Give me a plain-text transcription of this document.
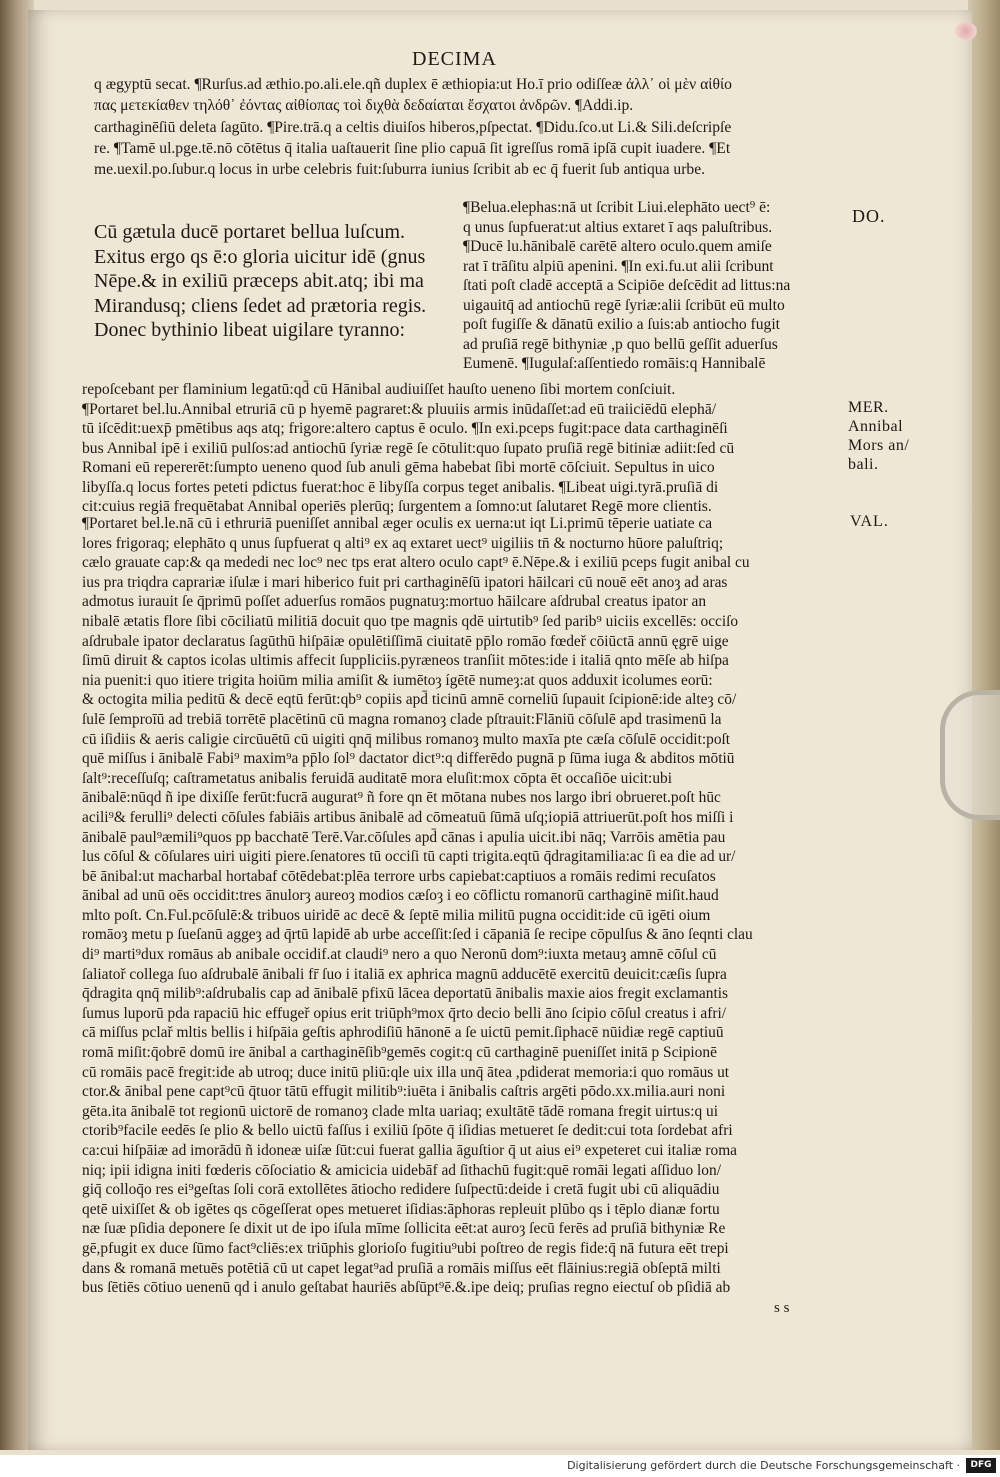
DECIMA
q ægyptū secat. ¶Rurſus.ad æthio.po.ali.ele.qñ duplex ē æthiopia:ut Ho.ī prio odiſſeæ ἀλλ᾽ οἱ μὲν αἰθίο
πας μετεκίαθεν τηλόθ᾽ ἐόντας αἰθίοπας τοὶ διχθὰ δεδαίαται ἔσχατοι ἀνδρῶν. ¶Addi.ip.
carthaginēſiū deleta ſagūto. ¶Pire.trā.q a celtis diuiſos hiberos,pſpectat. ¶Didu.ſco.ut Li.& Sili.deſcripſe
re. ¶Tamē ul.pge.tē.nō cōtētus q̄ italia uaſtauerit ſine plio capuā ſit igreſſus romā ipſā cupit iuadere. ¶Et
me.uexil.po.ſubur.q locus in urbe celebris fuit:ſuburra iunius ſcribit ab ec q̄ fuerit ſub antiqua urbe.
Cū gætula ducē portaret bellua luſcum.
Exitus ergo qs ē:o gloria uicitur idē (gnus
Nēpe.& in exiliū præceps abit.atq; ibi ma
Mirandusq; cliens ſedet ad prætoria regis.
Donec bythinio libeat uigilare tyranno:
¶Belua.elephas:nā ut ſcribit Liui.elephāto uect⁹ ē:
q unus ſupfuerat:ut altius extaret ī aqs paluſtribus.
¶Ducē lu.hānibalē carētē altero oculo.quem amiſe
rat ī trāſitu alpiū apenini. ¶In exi.fu.ut alii ſcribunt
ſtati poſt cladē acceptā a Scipiōe deſcēdit ad littus:na
uigauitq̄ ad antiochū regē ſyriæ:alii ſcribūt eū multo
poſt fugiſſe & dānatū exilio a ſuis:ab antiocho fugit
ad pruſiā regē bithyniæ ,p quo bellū geſſit aduerſus
Eumenē. ¶Iugulaſ:aſſentiedo romāis:q Hannibalē
repoſcebant per flaminium legatū:qd̄ cū Hānibal audiuiſſet hauſto ueneno ſibi mortem conſciuit.
¶Portaret bel.lu.Annibal etruriā cū p hyemē pagraret:& pluuiis armis inūdaſſet:ad eū traiiciēdū elephā/
tū iſcēdit:uexp̄ pmētibus aqs atq; frigore:altero captus ē oculo. ¶In exi.pceps fugit:pace data carthaginēſi
bus Annibal ipē i exiliū pulſos:ad antiochū ſyriæ regē ſe cōtulit:quo ſupato pruſiā regē bitiniæ adiit:ſed cū
Romani eū repererēt:ſumpto ueneno quod ſub anuli gēma habebat ſibi mortē cōſciuit. Sepultus in uico
libyſſa.q locus fortes peteti pdictus fuerat:hoc ē libyſſa corpus teget anibalis. ¶Libeat uigi.tyrā.pruſiā di
cit:cuius regiā frequētabat Annibal operiēs plerūq; ſurgentem a ſomno:ut ſalutaret Regē more clientis.
¶Portaret bel.le.nā cū i ethruriā pueniſſet annibal æger oculis ex uerna:ut iqt Li.primū tēperie uatiate ca
lores frigoraq; elephāto q unus ſupfuerat q alti⁹ ex aq extaret uect⁹ uigiliis tn̄ & nocturno hūore paluſtriq;
cælo grauate cap:& qa mededi nec loc⁹ nec tps erat altero oculo capt⁹ ē.Nēpe.& i exiliū pceps fugit anibal cu
ius pra triqdra caprariæ iſulæ i mari hiberico fuit pri carthaginēſū ipatori hāilcari cū nouē eēt anoȝ ad aras
admotus iurauit ſe q̄primū poſſet aduerſus romāos pugnatuȝ:mortuo hāilcare aſdrubal creatus ipator an
nibalē ætatis flore ſibi cōciliatū militiā docuit quo tpe magnis qdē uirtutib⁹ ſed parib⁹ uiciis excellēs: occiſo
aſdrubale ipator declaratus ſagūthū hiſpāiæ opulētiſſimā ciuitatē pp̄lo romāo fœdeř cōiūctā annū ęgrē uige
ſimū diruit & captos icolas ultimis affecit ſuppliciis.pyræneos tranſiit mōtes:ide i italiā qnto mēſe ab hiſpa
nia puenit:i quo itiere trigita hoiūm milia amiſit & iumētoȝ ígētē numeȝ:at quos adduxit icolumes eorū:
& octogita milia peditū & decē eqtū ferūt:qb⁹ copiis apd̄ ticinū amnē corneliū ſupauit ſcipionē:ide alteȝ cō/
ſulē ſemproīū ad trebiā torrētē placētinū cū magna romanoȝ clade pſtrauit:Flāniū cōſulē apd trasimenū la
cū iſidiis & aeris caligie circūuētū cū uigiti qnq̄ milibus romanoȝ multo maxīa pte cæſa cōſulē occidit:poſt
quē miſſus i ānibalē Fabi⁹ maxim⁹a pp̄lo ſol⁹ dactator dict⁹:q differēdo pugnā p ſūma iuga & abditos mōtiū
ſalt⁹:receſſuſq; caſtrametatus anibalis feruidā auditatē mora eluſit:mox cōpta ēt occaſiōe uicit:ubi
ānibalē:nūqd ñ ipe dixiſſe ferūt:fucrā augurat⁹ ñ fore qn ēt mōtana nubes nos largo ibri obrueret.poſt hūc
acili⁹& ferulli⁹ delecti cōſules fabiāis artibus ānibalē ad cōmeatuū ſūmā uſq;iopiā attriuerūt.poſt hos miſſi i
ānibalē paul⁹æmili⁹quos pp bacchatē Terē.Var.cōſules apd̄ cānas i apulia uicit.ibi nāq; Varrōis amētia pau
lus cōſul & cōſulares uiri uigiti piere.ſenatores tū occiſi tū capti trigita.eqtū q̄dragitamilia:ac ſi ea die ad ur/
bē ānibal:ut macharbal hortabaf cōtēdebat:plēa terrore urbs capiebat:captiuos a romāis redimi recuſatos
ānibal ad unū oēs occidit:tres ānulorȝ aureoȝ modios cæſoȝ i eo cōflictu romanorū carthaginē miſit.haud
mlto poſt. Cn.Ful.pcōſulē:& tribuos uiridē ac decē & ſeptē milia militū pugna occidit:ide cū igēti oium
romāoȝ metu p ſueſanū aggeȝ ad q̄rtū lapidē ab urbe acceſſit:ſed i cāpaniā ſe recipe cōpulſus & āno ſeqnti clau
di⁹ marti⁹dux romāus ab anibale occidif.at claudi⁹ nero a quo Neronū dom⁹:iuxta metauȝ amnē cōſul cū
ſaliatoř collega ſuo aſdrubalē ānibali fr̄ ſuo i italiā ex aphrica magnū adducētē exercitū deuicit:cæſis ſupra
q̄dragita qnq̄ milib⁹:aſdrubalis cap ad ānibalē pfixū lācea deportatū ānibalis maxie aios fregit exclamantis
ſumus luporū pda rapaciū hic effugeř opius erit triūph⁹mox q̄rto decio belli āno ſcipio cōſul creatus i afri/
cā miſſus pclař mltis bellis i hiſpāia geſtis aphrodiſiū hānonē a ſe uictū pemit.ſiphacē nūidiæ regē captiuū
romā miſit:q̄obrē domū ire ānibal a carthaginēſib⁹gemēs cogit:q cū carthaginē pueniſſet initā p Scipionē
cū romāis pacē fregit:ide ab utroq; duce initū pliū:qle uix illa unq̄ ātea ,pdiderat memoria:i quo romāus ut
ctor.& ānibal pene capt⁹cū q̄tuor tātū effugit militib⁹:iuēta i ānibalis caſtris argēti pōdo.xx.milia.auri noni
gēta.ita ānibalē tot regionū uictorē de romanoȝ clade mlta uariaq; exultātē tādē romana fregit uirtus:q ui
ctorib⁹facile eedēs ſe plio & bello uictū faſſus i exiliū ſpōte q̄ iſidias metueret ſe dedit:cui tota ſordebat afri
ca:cui hiſpāiæ ad imorādū ñ idoneæ uiſæ ſūt:cui fuerat gallia āguſtior q̄ ut aius ei⁹ expeteret cui italiæ roma
niq; ipii idigna initi fœderis cōſociatio & amicicia uidebāf ad ſithachū fugit:quē romāi legati aſſiduo lon/
giq̄ colloq̄o res ei⁹geſtas ſoli corā extollētes ātiocho redidere ſuſpectū:deide i cretā fugit ubi cū aliquādiu
qetē uixiſſet & ob igētes qs cōgeſſerat opes metueret iſidias:āphoras repleuit plūbo qs i tēplo dianæ fortu
næ ſuæ pſidia deponere ſe dixit ut de ipo iſula mīme ſollicita eēt:at auroȝ ſecū ferēs ad pruſiā bithyniæ Re
gē,pfugit ex duce ſūmo fact⁹cliēs:ex triūphis glorioſo fugitiu⁹ubi poſtreo de regis fide:q̄ nā futura eēt trepi
dans & romanā metuēs potētiā cū ut capet legat⁹ad pruſiā a romāis miſſus eēt flāinius:regiā obſeptā milti
bus ſētiēs cōtiuo uenenū qd i anulo geſtabat hauriēs abſūpt⁹ē.&.ipe deiq; pruſias regno eiectuſ ob pſidiā ab
DO.
MER.
Annibal
Mors an/
bali.
VAL.
s s
Digitalisierung gefördert durch die Deutsche Forschungsgemeinschaft ·	DFG
